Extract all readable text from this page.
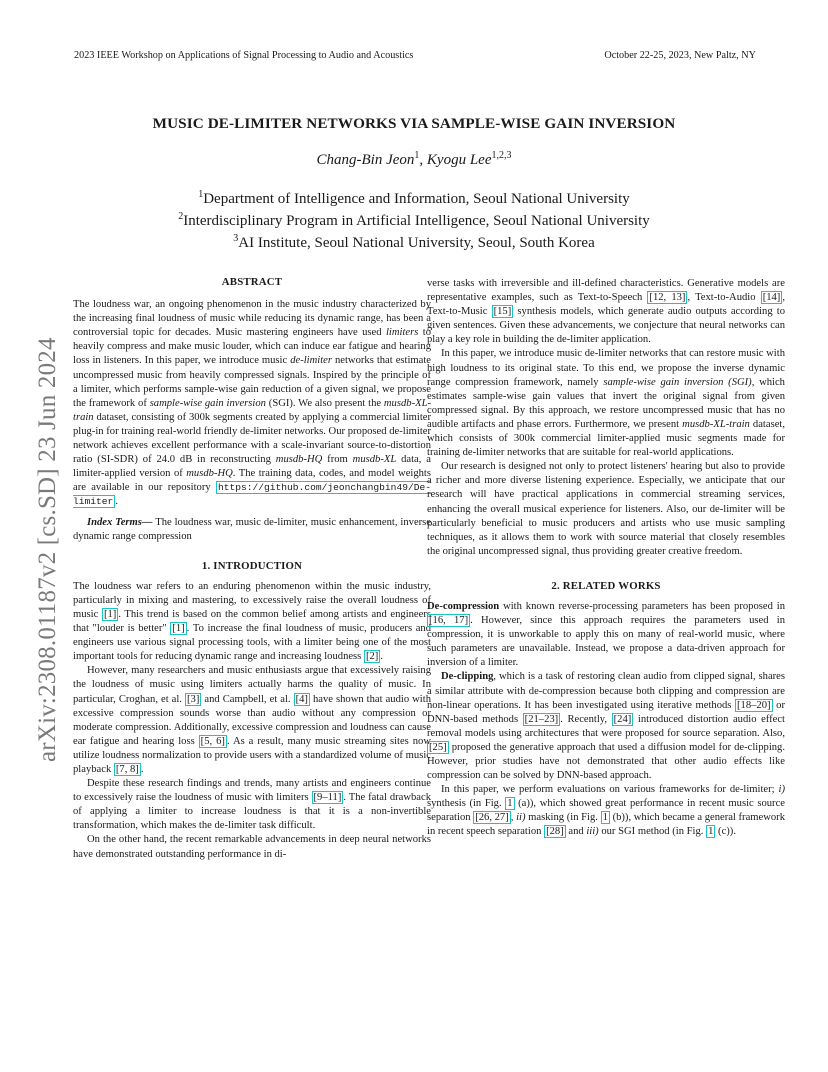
2023 IEEE Workshop on Applications of Signal Processing to Audio and Acoustics	October 22-25, 2023, New Paltz, NY
arXiv:2308.01187v2 [cs.SD] 23 Jun 2024
MUSIC DE-LIMITER NETWORKS VIA SAMPLE-WISE GAIN INVERSION
Chang-Bin Jeon$^1$, Kyogu Lee$^{1,2,3}$
$^1$Department of Intelligence and Information, Seoul National University
$^2$Interdisciplinary Program in Artificial Intelligence, Seoul National University
$^3$AI Institute, Seoul National University, Seoul, South Korea

ABSTRACT

The loudness war, an ongoing phenomenon in the music industry characterized by the increasing final loudness of music while reducing its dynamic range, has been a controversial topic for decades. Music mastering engineers have used limiters to heavily compress and make music louder, which can induce ear fatigue and hearing loss in listeners. In this paper, we introduce music de-limiter networks that estimate uncompressed music from heavily compressed signals. Inspired by the principle of a limiter, which performs sample-wise gain reduction of a given signal, we propose the framework of sample-wise gain inversion (SGI). We also present the musdb-XL-train dataset, consisting of 300k segments created by applying a commercial limiter plug-in for training real-world friendly de-limiter networks. Our proposed de-limiter network achieves excellent performance with a scale-invariant source-to-distortion ratio (SI-SDR) of 24.0 dB in reconstructing musdb-HQ from musdb-XL data, a limiter-applied version of musdb-HQ. The training data, codes, and model weights are available in our repository https://github.com/jeonchangbin49/De-limiter .

Index Terms— The loudness war, music de-limiter, music enhancement, inverse dynamic range compression

1. INTRODUCTION

The loudness war refers to an enduring phenomenon within the music industry, particularly in mixing and mastering, to excessively raise the overall loudness of music [1] . This trend is based on the common belief among artists and engineers that "louder is better" [1] . To increase the final loudness of music, producers and engineers use various signal processing tools, with a limiter being one of the most important tools for reducing dynamic range and increasing loudness [2] .

However, many researchers and music enthusiasts argue that excessively raising the loudness of music using limiters actually harms the quality of music. In particular, Croghan, et al. [3] and Campbell, et al. [4] have shown that audio with excessive compression sounds worse than audio without any compression or moderate compression. Additionally, excessive compression and loudness can cause ear fatigue and hearing loss [5, 6] . As a result, many music streaming sites now utilize loudness normalization to provide users with a standardized volume of music playback [7, 8] .

Despite these research findings and trends, many artists and engineers continue to excessively raise the loudness of music with limiters [9–11] . The fatal drawback of applying a limiter to increase loudness is that it is a non-invertible transformation, which makes the de-limiter task difficult.

On the other hand, the recent remarkable advancements in deep neural networks have demonstrated outstanding performance in di-

verse tasks with irreversible and ill-defined characteristics. Generative models are representative examples, such as Text-to-Speech [12, 13] , Text-to-Audio [14] , Text-to-Music [15] synthesis models, which generate audio outputs according to given sentences. Given these advancements, we conjecture that neural networks can play a key role in building the de-limiter application.

In this paper, we introduce music de-limiter networks that can restore music with high loudness to its original state. To this end, we propose the inverse dynamic range compression framework, namely sample-wise gain inversion (SGI), which estimates sample-wise gain values that invert the original signal from given compressed signal. By this approach, we restore uncompressed music that has no audible artifacts and phase errors. Furthermore, we present musdb-XL-train dataset, which consists of 300k commercial limiter-applied music segments made for training de-limiter networks that are suitable for real-world applications.

Our research is designed not only to protect listeners' hearing but also to provide a richer and more diverse listening experience. Especially, we anticipate that our research will have practical applications in commercial streaming services, enhancing the overall musical experience for listeners. Also, our de-limiter will be particularly beneficial to music producers and artists who use music sampling techniques, as it allows them to work with source material that closely resembles the original uncompressed signal, thus providing greater creative freedom.

2. RELATED WORKS

De-compression with known reverse-processing parameters has been proposed in [16, 17] . However, since this approach requires the parameters used in compression, it is unworkable to apply this on many of real-world music, where such parameters are unavailable. Instead, we propose a data-driven approach for inversion of a limiter.

De-clipping, which is a task of restoring clean audio from clipped signal, shares a similar attribute with de-compression because both clipping and compression are non-linear operations. It has been investigated using iterative methods [18–20] or DNN-based methods [21–23] . Recently, [24] introduced distortion audio effect removal models using architectures that were proposed for source separation. Also, [25] proposed the generative approach that used a diffusion model for de-clipping. However, prior studies have not demonstrated that other audio effects like compression can be solved by DNN-based approach.

In this paper, we perform evaluations on various frameworks for de-limiter; i) synthesis (in Fig. 1 (a)), which showed great performance in recent music source separation [26, 27] , ii) masking (in Fig. 1 (b)), which became a general framework in recent speech separation [28] and iii) our SGI method (in Fig. 1 (c)).
